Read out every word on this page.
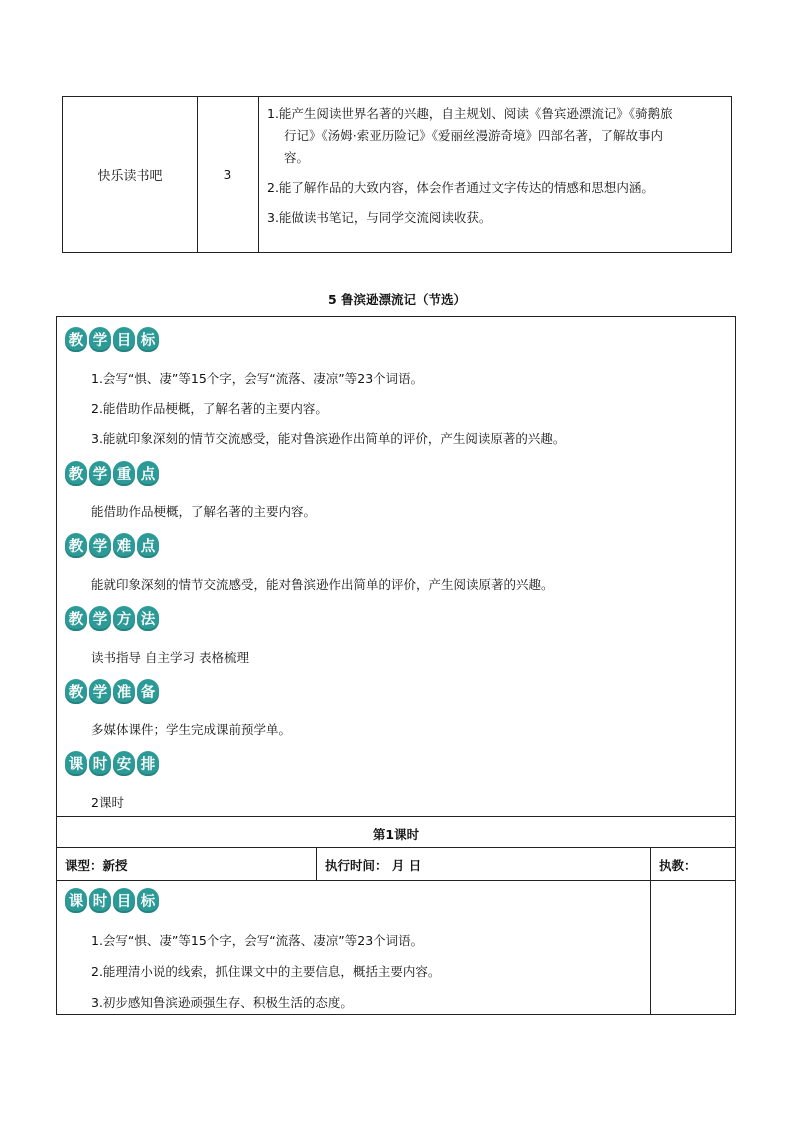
快乐读书吧	3
1.能产生阅读世界名著的兴趣，自主规划、阅读《鲁宾逊漂流记》《骑鹅旅
行记》《汤姆·索亚历险记》《爱丽丝漫游奇境》四部名著，了解故事内
容。
2.能了解作品的大致内容，体会作者通过文字传达的情感和思想内涵。
3.能做读书笔记，与同学交流阅读收获。
5 鲁滨逊漂流记（节选）
教 学 目 标
1.会写“惧、凄”等15个字，会写“流落、凄凉”等23个词语。
2.能借助作品梗概，了解名著的主要内容。
3.能就印象深刻的情节交流感受，能对鲁滨逊作出简单的评价，产生阅读原著的兴趣。
教 学 重 点
能借助作品梗概，了解名著的主要内容。
教 学 难 点
能就印象深刻的情节交流感受，能对鲁滨逊作出简单的评价，产生阅读原著的兴趣。
教 学 方 法
读书指导 自主学习 表格梳理
教 学 准 备
多媒体课件；学生完成课前预学单。
课 时 安 排
2课时
第1课时
课型：新授	执行时间： 月 日	执教：
课 时 目 标
1.会写“惧、凄”等15个字，会写“流落、凄凉”等23个词语。
2.能理清小说的线索，抓住课文中的主要信息，概括主要内容。
3.初步感知鲁滨逊顽强生存、积极生活的态度。
